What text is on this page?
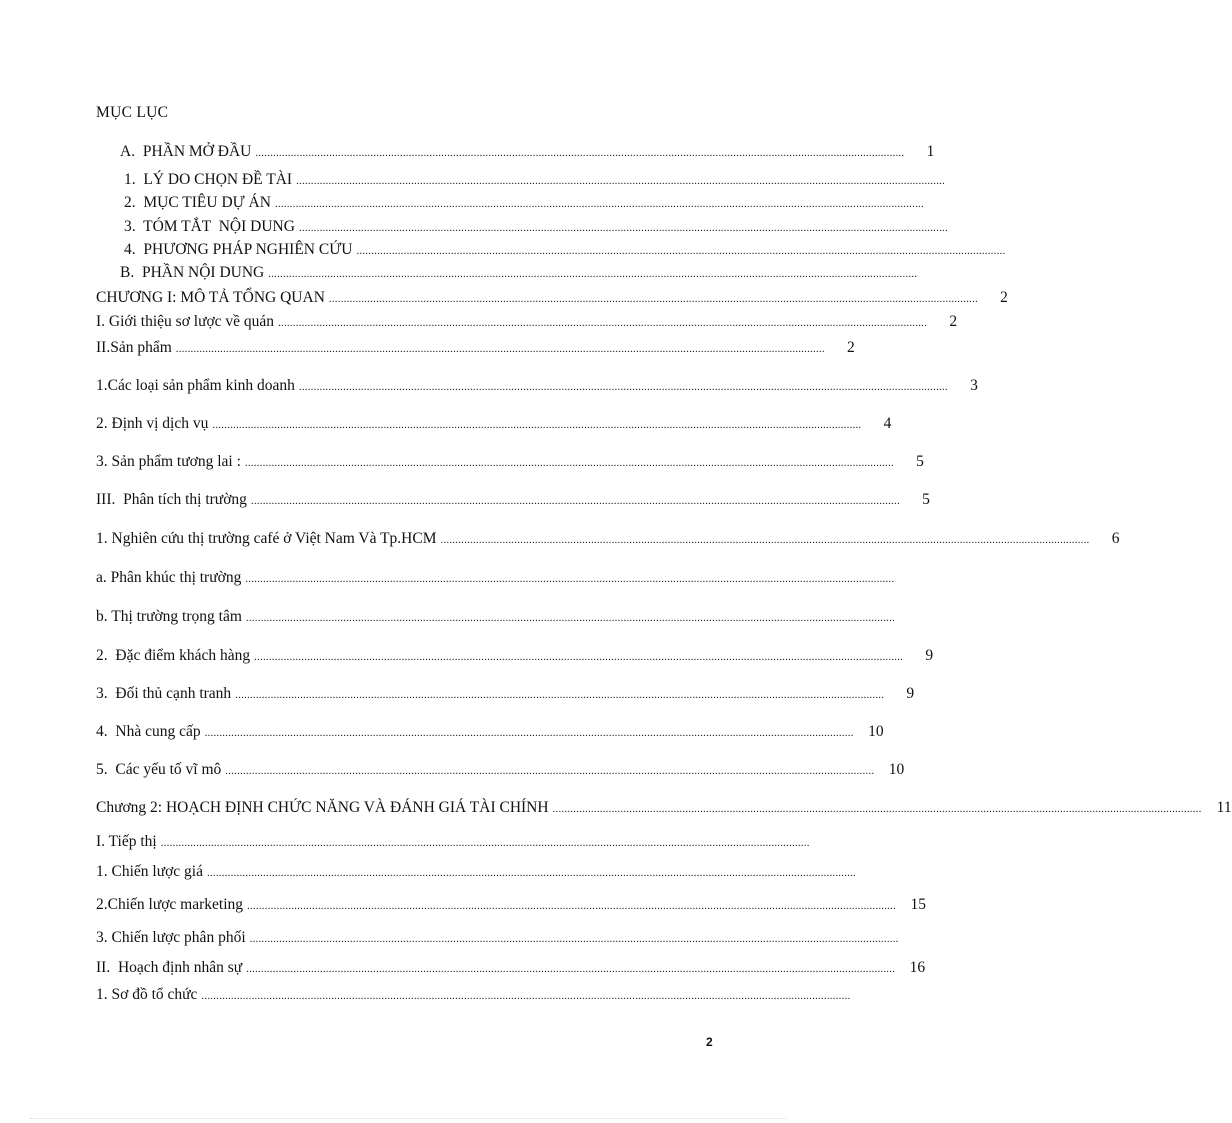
MỤC LỤC
A.  PHẦN MỞ ĐẦU ............................................................................................................................................................................................................................	1
1.  LÝ DO CHỌN ĐỀ TÀI ............................................................................................................................................................................................................................
2.  MỤC TIÊU DỰ ÁN ............................................................................................................................................................................................................................
3.  TÓM TẮT  NỘI DUNG ............................................................................................................................................................................................................................
4.  PHƯƠNG PHÁP NGHIÊN CỨU ............................................................................................................................................................................................................................
B.  PHẦN NỘI DUNG ............................................................................................................................................................................................................................
CHƯƠNG I: MÔ TẢ TỔNG QUAN ............................................................................................................................................................................................................................	2
I. Giới thiệu sơ lược về quán ............................................................................................................................................................................................................................	2
II.Sản phẩm ............................................................................................................................................................................................................................	2
1.Các loại sản phẩm kinh doanh ............................................................................................................................................................................................................................	3
2. Định vị dịch vụ ............................................................................................................................................................................................................................	4
3. Sản phẩm tương lai : ............................................................................................................................................................................................................................	5
III.  Phân tích thị trường ............................................................................................................................................................................................................................	5
1. Nghiên cứu thị trường café ở Việt Nam Và Tp.HCM ............................................................................................................................................................................................................................	6
a. Phân khúc thị trường ............................................................................................................................................................................................................................
b. Thị trường trọng tâm ............................................................................................................................................................................................................................
2.  Đặc điểm khách hàng ............................................................................................................................................................................................................................	9
3.  Đối thủ cạnh tranh ............................................................................................................................................................................................................................	9
4.  Nhà cung cấp ............................................................................................................................................................................................................................ 10
5.  Các yếu tố vĩ mô ............................................................................................................................................................................................................................ 10
Chương 2: HOẠCH ĐỊNH CHỨC NĂNG VÀ ĐÁNH GIÁ TÀI CHÍNH ............................................................................................................................................................................................................................ 11
I. Tiếp thị ............................................................................................................................................................................................................................
1. Chiến lược giá ............................................................................................................................................................................................................................
2.Chiến lược marketing ............................................................................................................................................................................................................................ 15
3. Chiến lược phân phối ............................................................................................................................................................................................................................
II.  Hoạch định nhân sự ............................................................................................................................................................................................................................ 16
1. Sơ đồ tổ chức ............................................................................................................................................................................................................................
2
